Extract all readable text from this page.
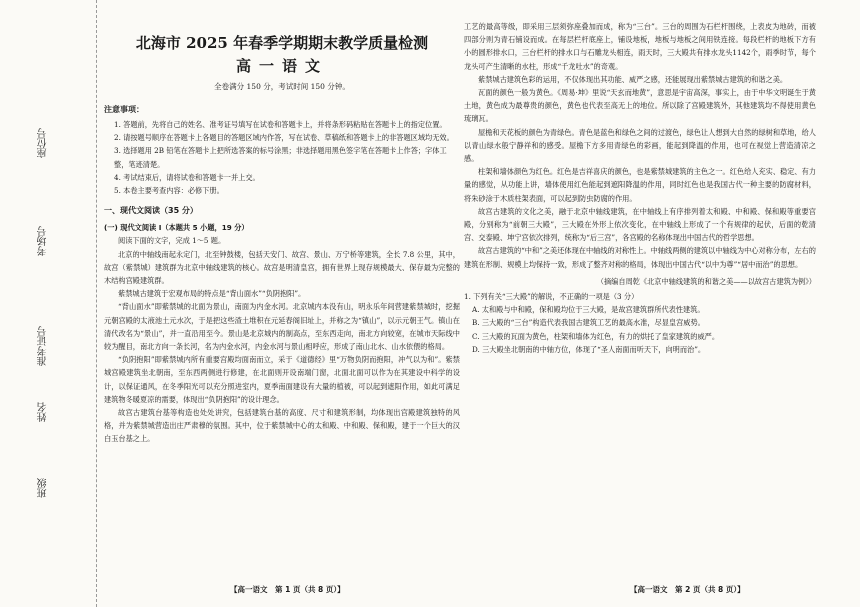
座位号
考场号
准考证号
姓名
班级
北海市 2025 年春季学期期末教学质量检测
高一语文
全卷满分 150 分，考试时间 150 分钟。
注意事项：
1. 答题前，先将自己的姓名、准考证号填写在试卷和答题卡上，并将条形码粘贴在答题卡上的指定位置。
2. 请按题号顺序在答题卡上各题目的答题区域内作答，写在试卷、草稿纸和答题卡上的非答题区域均无效。
3. 选择题用 2B 铅笔在答题卡上把所选答案的标号涂黑；非选择题用黑色签字笔在答题卡上作答；字体工整，笔迹清楚。
4. 考试结束后，请将试卷和答题卡一并上交。
5. 本卷主要考查内容：必修下册。
一、现代文阅读（35 分）

(一) 现代文阅读 I（本题共 5 小题，19 分）

阅读下面的文字，完成 1～5 题。

北京的中轴线南起永定门，北至钟鼓楼，包括天安门、故宫、景山、万宁桥等建筑，全长 7.8 公里，其中，故宫（紫禁城）建筑群为北京中轴线建筑的核心。故宫是明清皇宫，拥有世界上现存规模最大、保存最为完整的木结构宫殿建筑群。

紫禁城古建筑于宏观布局的特点是“背山面水”“负阴抱阳”。

“背山面水”即紫禁城的北面为景山，南面为内金水河。北京城内本没有山，明永乐年间营建紫禁城时，挖掘元朝宫殿的太液池土元水次，于是把这些渣土堆积在元延春阁旧址上，并称之为“镇山”，以示元朝王气。镇山在清代改名为“景山”，并一直沿用至今。景山是北京城内的制高点，至东西走向，南北方向较宽，在城市天际线中较为醒目，南北方向一条长河，名为内金水河，内金水河与景山相呼应，形成了南山北水、山水依偎的格局。

“负阴抱阳”即紫禁城内所有重要宫殿均面南而立，采于《道德经》里“万物负阴而抱阳，冲气以为和”。紫禁城宫殿建筑坐北朝南，至东西两侧进行修建，在北面则开设南端门窗，北面北面可以作为在其建设中科学的设计，以保证通风，在冬季阳光可以充分照进室内，夏季南面建设有大量的植被，可以起到遮阳作用，如此可满足建筑物冬暖夏凉的需要，体现出“负阴抱阳”的设计理念。

故宫古建筑台基等构造也处处讲究，包括建筑台基的高度、尺寸和建筑形制，均体现出宫殿建筑独特的风格，并为紫禁城营造出庄严肃穆的氛围。其中，位于紫禁城中心的太和殿、中和殿、保和殿，建于一个巨大的汉白玉台基之上。

工艺的最高等级，即采用三层须弥座叠加而成，称为“三台”。三台的周围为石栏杆围绕，上表皮为地砖，而被四部分则为青石铺设而成。在每层栏杆底座上，铺设地板，地板与地板之间用铁连接。每段栏杆的地板下方有小的圆形排水口，三台栏杆的排水口与石雕龙头相连，雨天时，三大殿共有排水龙头1142个，雨季时节，每个龙头可产生清晰的水柱，形成“千龙吐水”的奇观。

紫禁城古建筑色彩的运用，不仅体现出其功能、威严之感，还能展现出紫禁城古建筑的和谐之美。

瓦面的颜色一般为黄色。《周易·坤》里说“天玄而地黄”，意思是宇宙高深，事实上，由于中华文明诞生于黄土地，黄色成为最尊贵的颜色，黄色也代表至高无上的地位。所以除了宫殿建筑外，其他建筑均不得使用黄色琉璃瓦。

屋檐和天花板的颜色为青绿色。青色是蓝色和绿色之间的过渡色，绿色让人想到大自然的绿树和草地，给人以青山绿水般宁静祥和的感受。屋檐下方多用青绿色的彩画，能起到降温的作用，也可在视觉上营造清凉之感。

柱架和墙体颜色为红色。红色是吉祥喜庆的颜色，也是紫禁城建筑的主色之一。红色给人充实、稳定、有力量的感觉，从功能上讲，墙体使用红色能起到遮阳降温的作用，同时红色也是我国古代一种主要的防腐材料，将朱砂涂于木质柱架表面，可以起到防虫防腐的作用。

故宫古建筑的文化之美，融于北京中轴线建筑，在中轴线上有序排列着太和殿、中和殿、保和殿等重要宫殿，分别称为“前朝三大殿”，三大殿在外形上依次变化，在中轴线上形成了一个有规律的起伏，后面的乾清宫、交泰殿、坤宁宫依次排列，统称为“后三宫”，各宫殿的名称体现出中国古代的哲学思想。

故宫古建筑的“中和”之美还体现在中轴线的对称性上。中轴线两侧的建筑以中轴线为中心对称分布，左右的建筑在形制、规模上均保持一致，形成了整齐对称的格局，体现出中国古代“以中为尊”“居中而治”的思想。

（摘编自周乾《北京中轴线建筑的和谐之美——以故宫古建筑为例》）

1. 下列有关“三大殿”的解说，不正确的一项是（3 分）

A. 太和殿与中和殿，保和殿均位于三大殿，是故宫建筑群所代表性建筑。

B. 三大殿的“三台”构造代表我国古建筑工艺的最高水准，尽显皇宫威势。

C. 三大殿的瓦面为黄色，柱架和墙体为红色，有力的烘托了皇家建筑的威严。

D. 三大殿坐北朝南的中轴方位，体现了“圣人南面而听天下，向明而治”。

【高一语文　第 1 页（共 8 页）】	【高一语文　第 2 页（共 8 页）】
